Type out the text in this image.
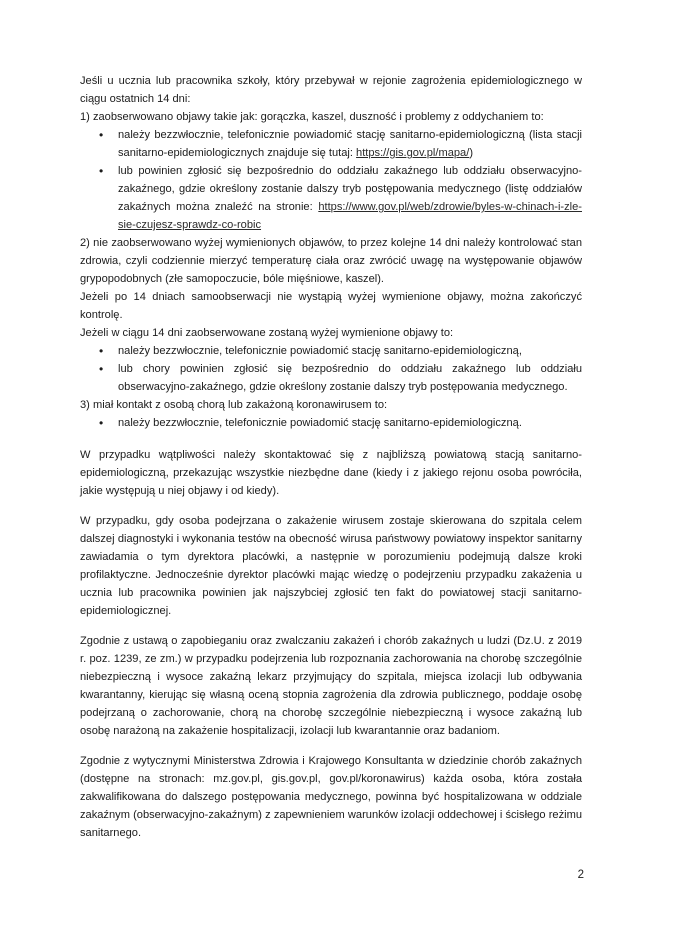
Jeśli u ucznia lub pracownika szkoły, który przebywał w rejonie zagrożenia epidemiologicznego w ciągu ostatnich 14 dni:

1) zaobserwowano objawy takie jak: gorączka, kaszel, duszność i problemy z oddychaniem to:

• należy bezzwłocznie, telefonicznie powiadomić stację sanitarno-epidemiologiczną (lista stacji sanitarno-epidemiologicznych znajduje się tutaj: https://gis.gov.pl/mapa/)
• lub powinien zgłosić się bezpośrednio do oddziału zakaźnego lub oddziału obserwacyjno-zakaźnego, gdzie określony zostanie dalszy tryb postępowania medycznego (listę oddziałów zakaźnych można znaleźć na stronie: https://www.gov.pl/web/zdrowie/byles-w-chinach-i-zle-sie-czujesz-sprawdz-co-robic

2) nie zaobserwowano wyżej wymienionych objawów, to przez kolejne 14 dni należy kontrolować stan zdrowia, czyli codziennie mierzyć temperaturę ciała oraz zwrócić uwagę na występowanie objawów grypopodobnych (złe samopoczucie, bóle mięśniowe, kaszel).

Jeżeli po 14 dniach samoobserwacji nie wystąpią wyżej wymienione objawy, można zakończyć kontrolę.

Jeżeli w ciągu 14 dni zaobserwowane zostaną wyżej wymienione objawy to:

• należy bezzwłocznie, telefonicznie powiadomić stację sanitarno-epidemiologiczną,
• lub chory powinien zgłosić się bezpośrednio do oddziału zakaźnego lub oddziału obserwacyjno-zakaźnego, gdzie określony zostanie dalszy tryb postępowania medycznego.

3) miał kontakt z osobą chorą lub zakażoną koronawirusem to:

• należy bezzwłocznie, telefonicznie powiadomić stację sanitarno-epidemiologiczną.

W przypadku wątpliwości należy skontaktować się z najbliższą powiatową stacją sanitarno-epidemiologiczną, przekazując wszystkie niezbędne dane (kiedy i z jakiego rejonu osoba powróciła, jakie występują u niej objawy i od kiedy).

W przypadku, gdy osoba podejrzana o zakażenie wirusem zostaje skierowana do szpitala celem dalszej diagnostyki i wykonania testów na obecność wirusa państwowy powiatowy inspektor sanitarny zawiadamia o tym dyrektora placówki, a następnie w porozumieniu podejmują dalsze kroki profilaktyczne. Jednocześnie dyrektor placówki mając wiedzę o podejrzeniu przypadku zakażenia u ucznia lub pracownika powinien jak najszybciej zgłosić ten fakt do powiatowej stacji sanitarno-epidemiologicznej.

Zgodnie z ustawą o zapobieganiu oraz zwalczaniu zakażeń i chorób zakaźnych u ludzi (Dz.U. z 2019 r. poz. 1239, ze zm.) w przypadku podejrzenia lub rozpoznania zachorowania na chorobę szczególnie niebezpieczną i wysoce zakaźną lekarz przyjmujący do szpitala, miejsca izolacji lub odbywania kwarantanny, kierując się własną oceną stopnia zagrożenia dla zdrowia publicznego, poddaje osobę podejrzaną o zachorowanie, chorą na chorobę szczególnie niebezpieczną i wysoce zakaźną lub osobę narażoną na zakażenie hospitalizacji, izolacji lub kwarantannie oraz badaniom.

Zgodnie z wytycznymi Ministerstwa Zdrowia i Krajowego Konsultanta w dziedzinie chorób zakaźnych (dostępne na stronach: mz.gov.pl, gis.gov.pl, gov.pl/koronawirus) każda osoba, która została zakwalifikowana do dalszego postępowania medycznego, powinna być hospitalizowana w oddziale zakaźnym (obserwacyjno-zakaźnym) z zapewnieniem warunków izolacji oddechowej i ścisłego reżimu sanitarnego.

2
